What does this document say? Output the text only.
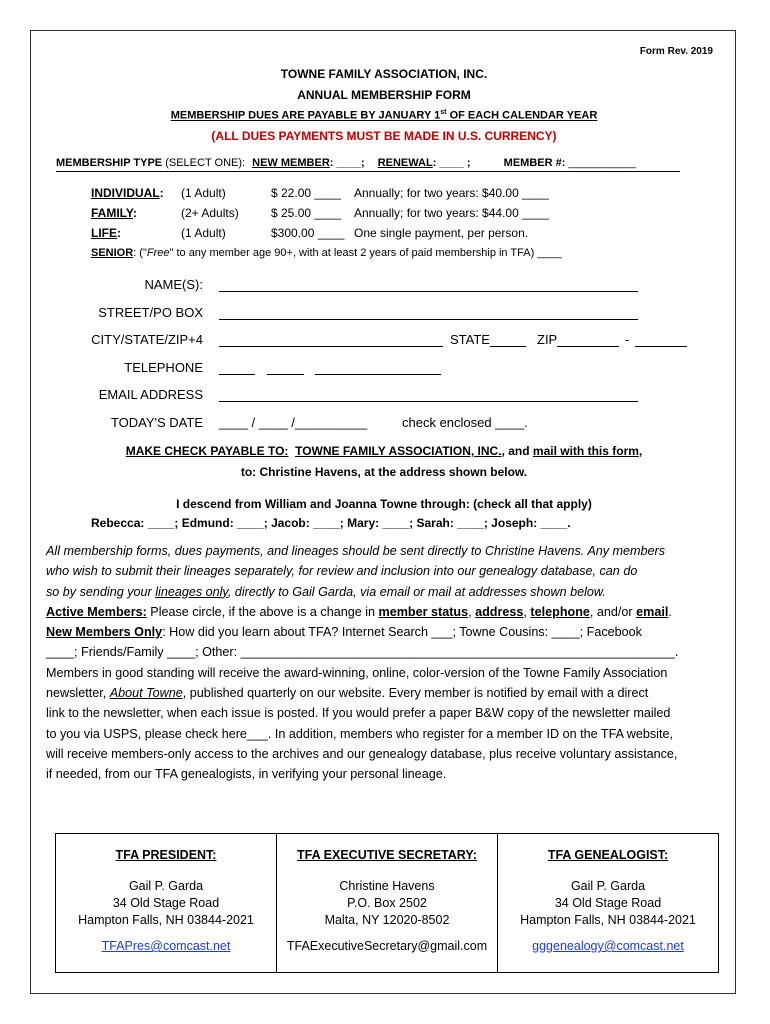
Form Rev. 2019
TOWNE FAMILY ASSOCIATION, INC.
ANNUAL MEMBERSHIP FORM
MEMBERSHIP DUES ARE PAYABLE BY JANUARY 1st OF EACH CALENDAR YEAR
(ALL DUES PAYMENTS MUST BE MADE IN U.S. CURRENCY)
MEMBERSHIP TYPE (SELECT ONE): NEW MEMBER: ____; RENEWAL: ____ ;	MEMBER #: ___________
INDIVIDUAL: (1 Adult)	$ 22.00 ____ Annually; for two years: $40.00 ____
FAMILY:	(2+ Adults)	$ 25.00 ____ Annually; for two years: $44.00 ____
LIFE:	(1 Adult)	$300.00 ____ One single payment, per person.
SENIOR: ("Free" to any member age 90+, with at least 2 years of paid membership in TFA) ____
NAME(S):
STREET/PO BOX
CITY/STATE/ZIP+4	STATE	ZIP	-
TELEPHONE
EMAIL ADDRESS
TODAY'S DATE ____ / ____ /__________	check enclosed ____.
MAKE CHECK PAYABLE TO: TOWNE FAMILY ASSOCIATION, INC., and mail with this form,
to: Christine Havens, at the address shown below.
I descend from William and Joanna Towne through: (check all that apply)
Rebecca: ____; Edmund: ____; Jacob: ____; Mary: ____; Sarah: ____; Joseph: ____.

All membership forms, dues payments, and lineages should be sent directly to Christine Havens. Any members

who wish to submit their lineages separately, for review and inclusion into our genealogy database, can do

so by sending your lineages only, directly to Gail Garda, via email or mail at addresses shown below.

Active Members: Please circle, if the above is a change in member status, address, telephone, and/or email.

New Members Only: How did you learn about TFA? Internet Search ___; Towne Cousins: ____; Facebook

____; Friends/Family ____; Other: ______________________________________________________________.

Members in good standing will receive the award-winning, online, color-version of the Towne Family Association

newsletter, About Towne, published quarterly on our website. Every member is notified by email with a direct

link to the newsletter, when each issue is posted. If you would prefer a paper B&W copy of the newsletter mailed

to you via USPS, please check here___. In addition, members who register for a member ID on the TFA website,

will receive members-only access to the archives and our genealogy database, plus receive voluntary assistance,

if needed, from our TFA genealogists, in verifying your personal lineage.

TFA PRESIDENT:
Gail P. Garda
34 Old Stage Road
Hampton Falls, NH 03844-2021
TFAPres@comcast.net
TFA EXECUTIVE SECRETARY:
Christine Havens
P.O. Box 2502
Malta, NY 12020-8502
TFAExecutiveSecretary@gmail.com
TFA GENEALOGIST:
Gail P. Garda
34 Old Stage Road
Hampton Falls, NH 03844-2021
gggenealogy@comcast.net
